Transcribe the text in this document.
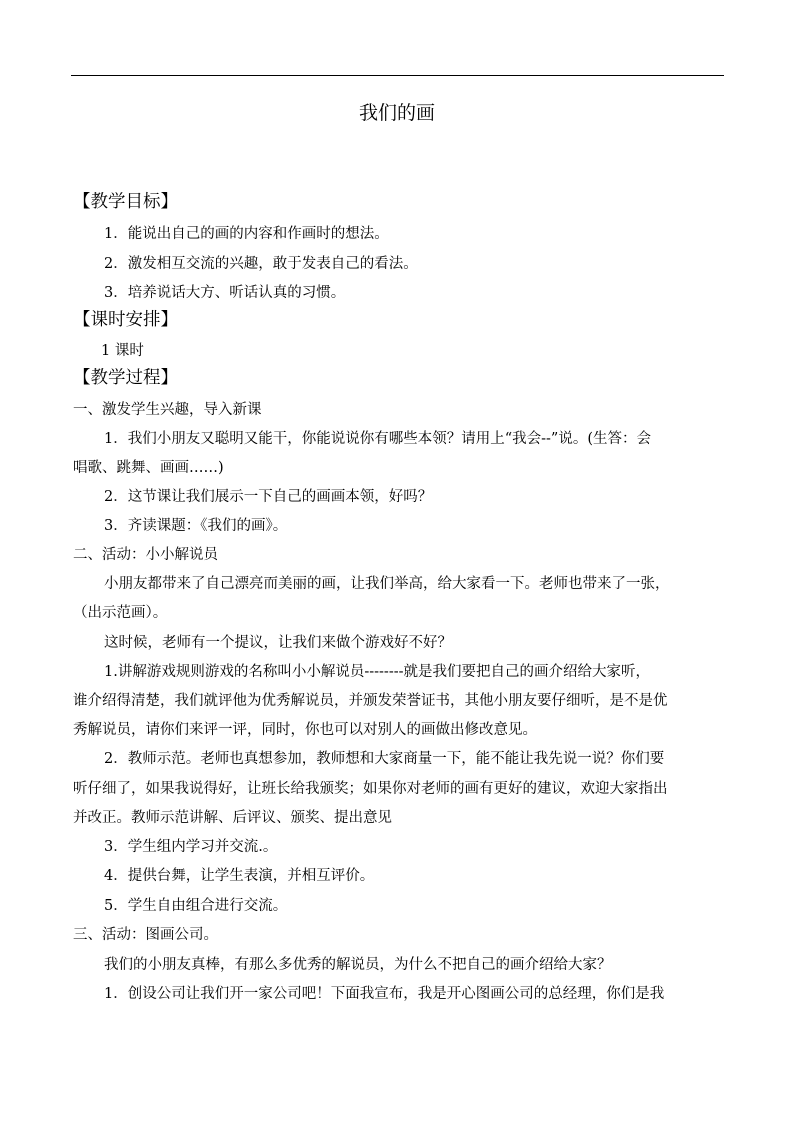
我们的画
【教学目标】
1．能说出自己的画的内容和作画时的想法。
2．激发相互交流的兴趣，敢于发表自己的看法。
3．培养说话大方、听话认真的习惯。
【课时安排】
1 课时
【教学过程】
一、激发学生兴趣，导入新课
1．我们小朋友又聪明又能干，你能说说你有哪些本领？请用上“我会--”说。(生答：会
唱歌、跳舞、画画……)
2．这节课让我们展示一下自己的画画本领，好吗？
3．齐读课题：《我们的画》。
二、活动：小小解说员
小朋友都带来了自己漂亮而美丽的画，让我们举高，给大家看一下。老师也带来了一张，
（出示范画）。
这时候，老师有一个提议，让我们来做个游戏好不好？
1.讲解游戏规则游戏的名称叫小小解说员--------就是我们要把自己的画介绍给大家听，
谁介绍得清楚，我们就评他为优秀解说员，并颁发荣誉证书，其他小朋友要仔细听，是不是优
秀解说员，请你们来评一评，同时，你也可以对别人的画做出修改意见。
2．教师示范。老师也真想参加，教师想和大家商量一下，能不能让我先说一说？你们要
听仔细了，如果我说得好，让班长给我颁奖；如果你对老师的画有更好的建议，欢迎大家指出
并改正。教师示范讲解、后评议、颁奖、提出意见
3．学生组内学习并交流.。
4．提供台舞，让学生表演，并相互评价。
5．学生自由组合进行交流。
三、活动：图画公司。
我们的小朋友真棒，有那么多优秀的解说员，为什么不把自己的画介绍给大家？
1．创设公司让我们开一家公司吧！下面我宣布，我是开心图画公司的总经理，你们是我
